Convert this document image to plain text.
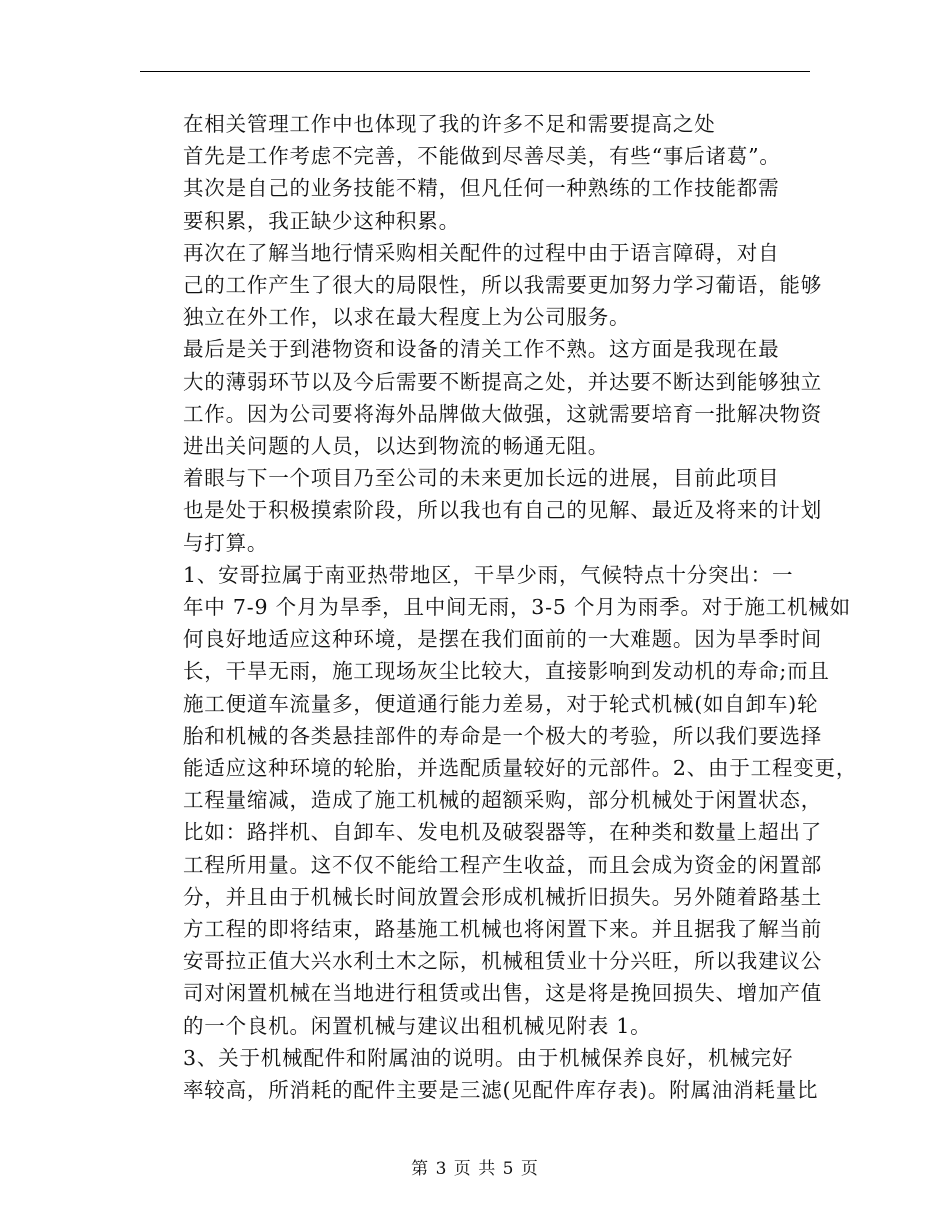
在相关管理工作中也体现了我的许多不足和需要提高之处

首先是工作考虑不完善，不能做到尽善尽美，有些“事后诸葛”。

其次是自己的业务技能不精，但凡任何一种熟练的工作技能都需
要积累，我正缺少这种积累。

再次在了解当地行情采购相关配件的过程中由于语言障碍，对自
己的工作产生了很大的局限性，所以我需要更加努力学习葡语，能够
独立在外工作，以求在最大程度上为公司服务。

最后是关于到港物资和设备的清关工作不熟。这方面是我现在最
大的薄弱环节以及今后需要不断提高之处，并达要不断达到能够独立
工作。因为公司要将海外品牌做大做强，这就需要培育一批解决物资
进出关问题的人员，以达到物流的畅通无阻。

着眼与下一个项目乃至公司的未来更加长远的进展，目前此项目
也是处于积极摸索阶段，所以我也有自己的见解、最近及将来的计划
与打算。

1、安哥拉属于南亚热带地区，干旱少雨，气候特点十分突出：一
年中 7-9 个月为旱季，且中间无雨，3-5 个月为雨季。对于施工机械如
何良好地适应这种环境，是摆在我们面前的一大难题。因为旱季时间
长，干旱无雨，施工现场灰尘比较大，直接影响到发动机的寿命;而且
施工便道车流量多，便道通行能力差易，对于轮式机械(如自卸车)轮
胎和机械的各类悬挂部件的寿命是一个极大的考验，所以我们要选择
能适应这种环境的轮胎，并选配质量较好的元部件。2、由于工程变更，
工程量缩减，造成了施工机械的超额采购，部分机械处于闲置状态，
比如：路拌机、自卸车、发电机及破裂器等，在种类和数量上超出了
工程所用量。这不仅不能给工程产生收益，而且会成为资金的闲置部
分，并且由于机械长时间放置会形成机械折旧损失。另外随着路基土
方工程的即将结束，路基施工机械也将闲置下来。并且据我了解当前
安哥拉正值大兴水利土木之际，机械租赁业十分兴旺，所以我建议公
司对闲置机械在当地进行租赁或出售，这是将是挽回损失、增加产值
的一个良机。闲置机械与建议出租机械见附表 1。

3、关于机械配件和附属油的说明。由于机械保养良好，机械完好
率较高，所消耗的配件主要是三滤(见配件库存表)。附属油消耗量比

第 3 页 共 5 页
